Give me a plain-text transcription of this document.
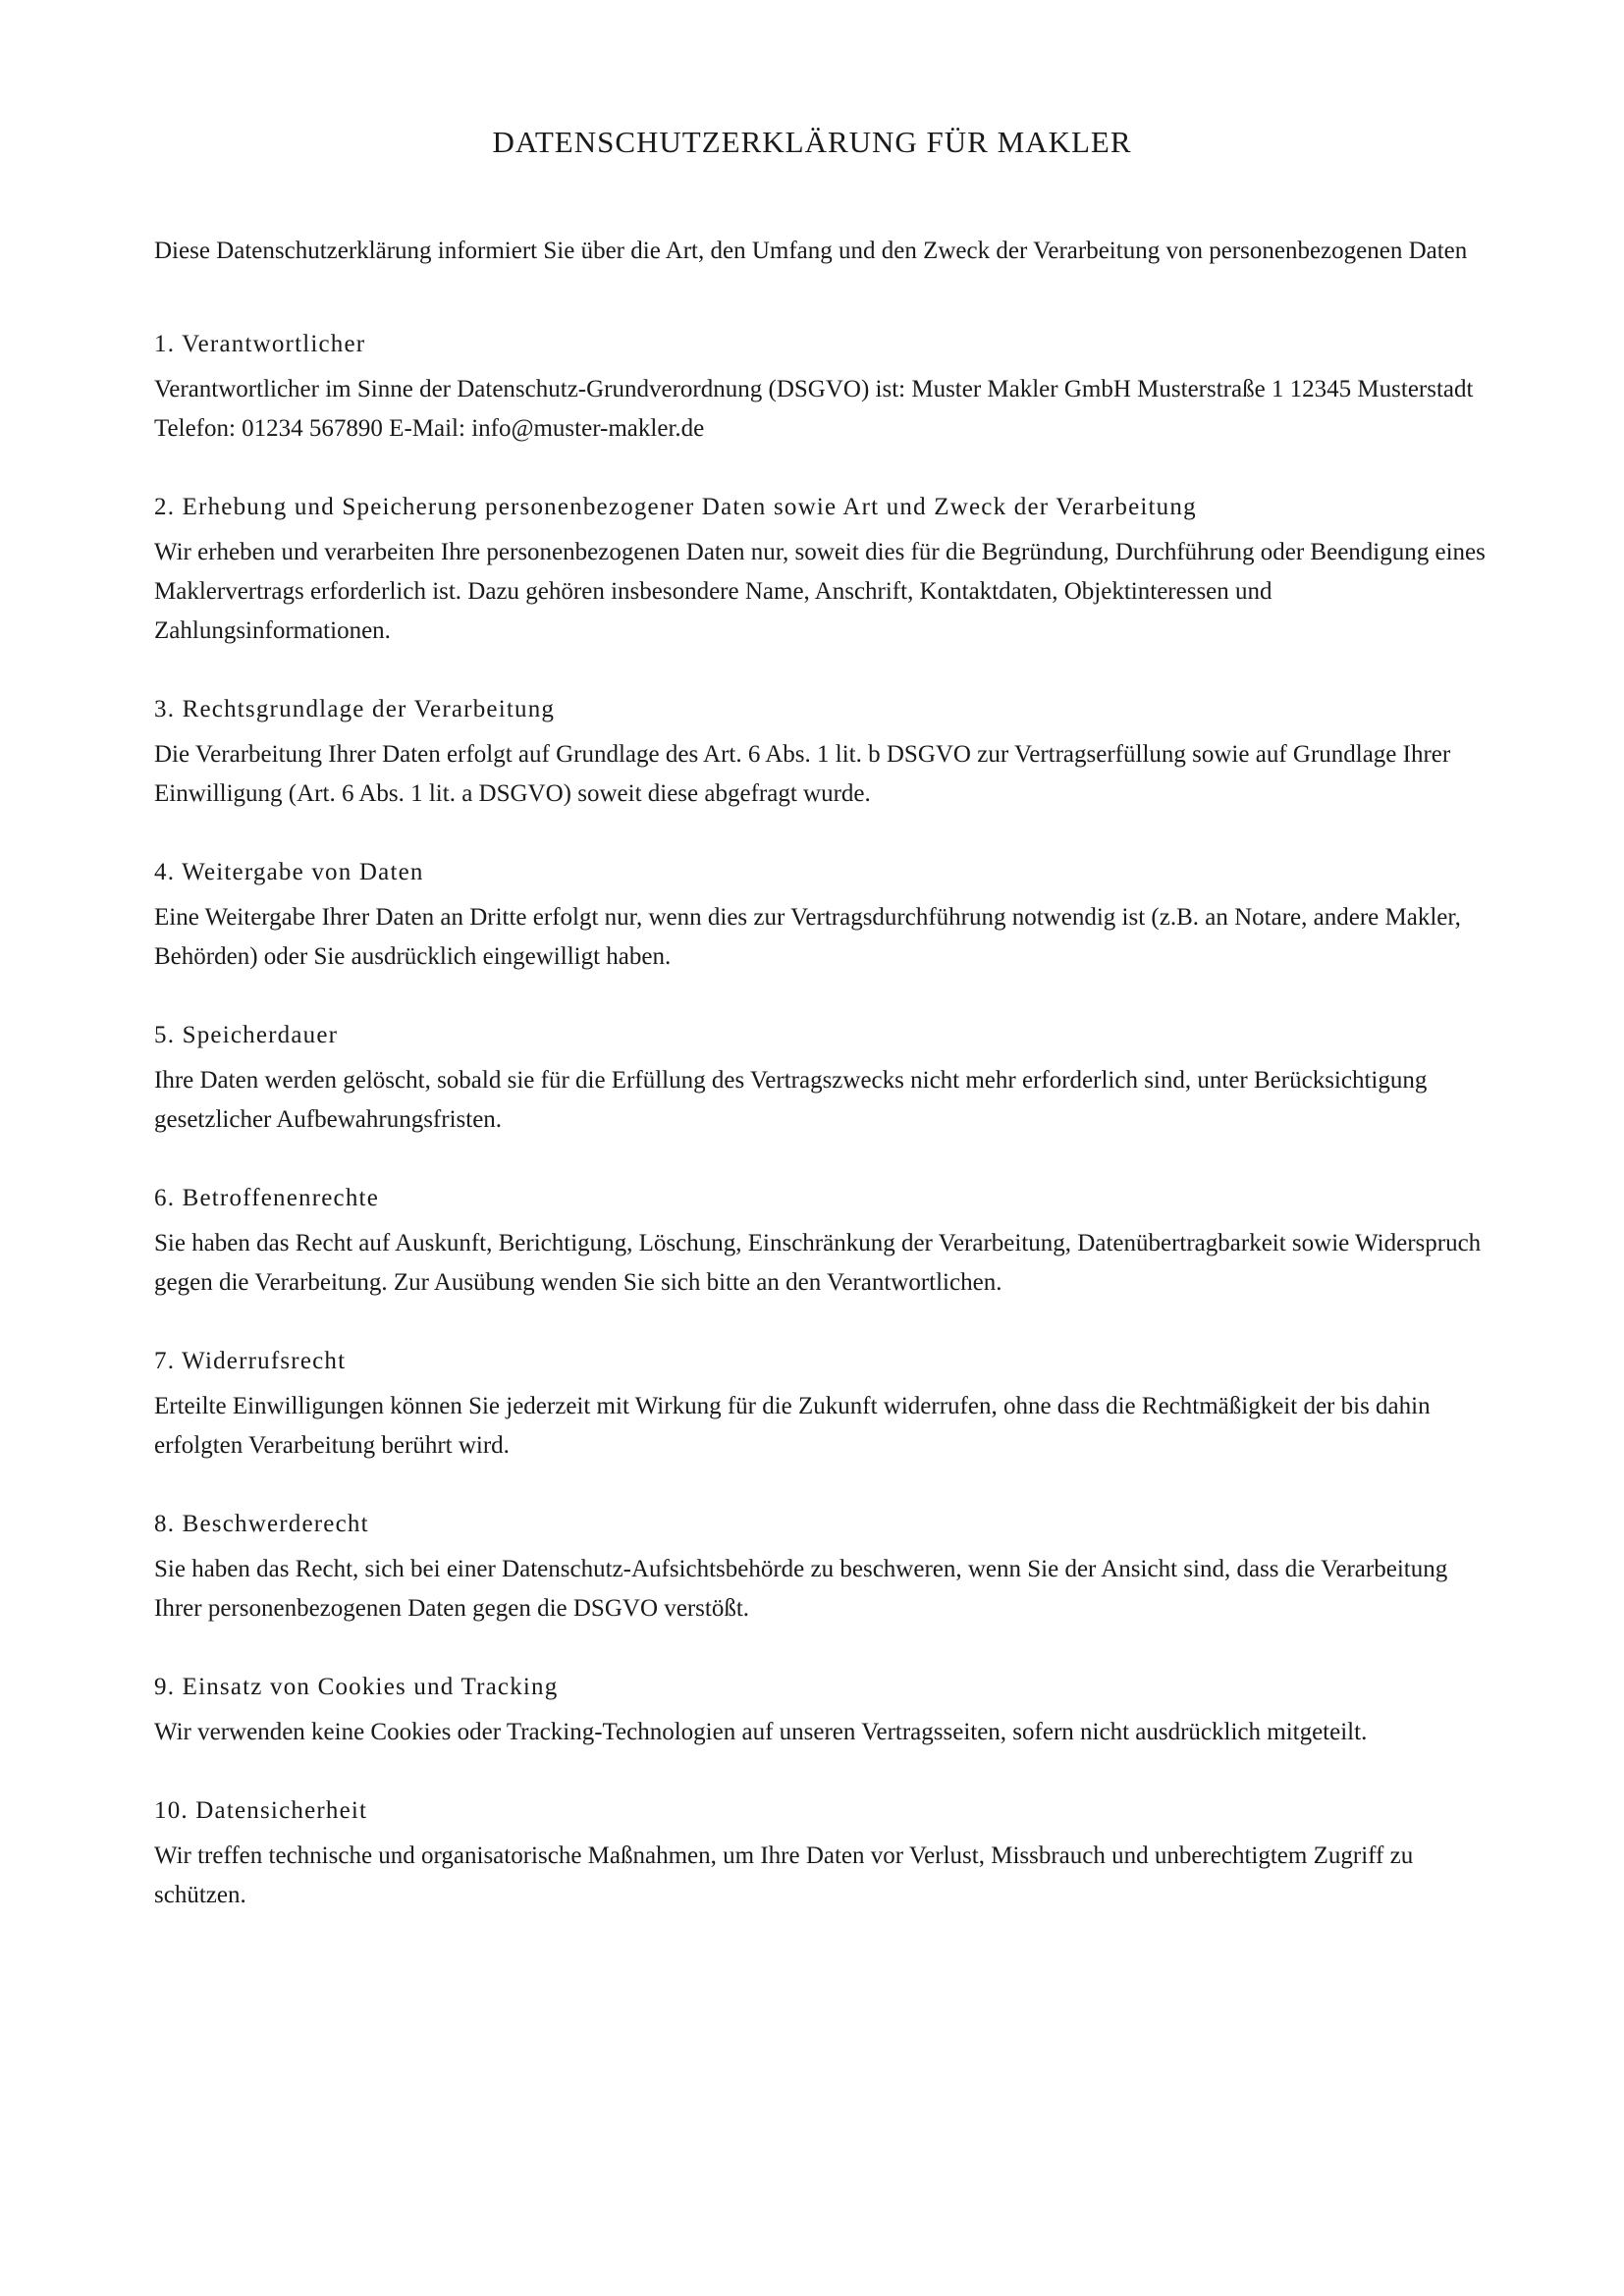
DATENSCHUTZERKLÄRUNG FÜR MAKLER

Diese Datenschutzerklärung informiert Sie über die Art, den Umfang und den Zweck der Verarbeitung von personenbezogenen Daten

1. Verantwortlicher

Verantwortlicher im Sinne der Datenschutz-Grundverordnung (DSGVO) ist: Muster Makler GmbH Musterstraße 1 12345 Musterstadt Telefon: 01234 567890 E-Mail: info@muster-makler.de

2. Erhebung und Speicherung personenbezogener Daten sowie Art und Zweck der Verarbeitung

Wir erheben und verarbeiten Ihre personenbezogenen Daten nur, soweit dies für die Begründung, Durchführung oder Beendigung eines Maklervertrags erforderlich ist. Dazu gehören insbesondere Name, Anschrift, Kontaktdaten, Objektinteressen und Zahlungsinformationen.

3. Rechtsgrundlage der Verarbeitung

Die Verarbeitung Ihrer Daten erfolgt auf Grundlage des Art. 6 Abs. 1 lit. b DSGVO zur Vertragserfüllung sowie auf Grundlage Ihrer Einwilligung (Art. 6 Abs. 1 lit. a DSGVO) soweit diese abgefragt wurde.

4. Weitergabe von Daten

Eine Weitergabe Ihrer Daten an Dritte erfolgt nur, wenn dies zur Vertragsdurchführung notwendig ist (z.B. an Notare, andere Makler, Behörden) oder Sie ausdrücklich eingewilligt haben.

5. Speicherdauer

Ihre Daten werden gelöscht, sobald sie für die Erfüllung des Vertragszwecks nicht mehr erforderlich sind, unter Berücksichtigung gesetzlicher Aufbewahrungsfristen.

6. Betroffenenrechte

Sie haben das Recht auf Auskunft, Berichtigung, Löschung, Einschränkung der Verarbeitung, Datenübertragbarkeit sowie Widerspruch gegen die Verarbeitung. Zur Ausübung wenden Sie sich bitte an den Verantwortlichen.

7. Widerrufsrecht

Erteilte Einwilligungen können Sie jederzeit mit Wirkung für die Zukunft widerrufen, ohne dass die Rechtmäßigkeit der bis dahin erfolgten Verarbeitung berührt wird.

8. Beschwerderecht

Sie haben das Recht, sich bei einer Datenschutz-Aufsichtsbehörde zu beschweren, wenn Sie der Ansicht sind, dass die Verarbeitung Ihrer personenbezogenen Daten gegen die DSGVO verstößt.

9. Einsatz von Cookies und Tracking

Wir verwenden keine Cookies oder Tracking-Technologien auf unseren Vertragsseiten, sofern nicht ausdrücklich mitgeteilt.

10. Datensicherheit

Wir treffen technische und organisatorische Maßnahmen, um Ihre Daten vor Verlust, Missbrauch und unberechtigtem Zugriff zu schützen.
